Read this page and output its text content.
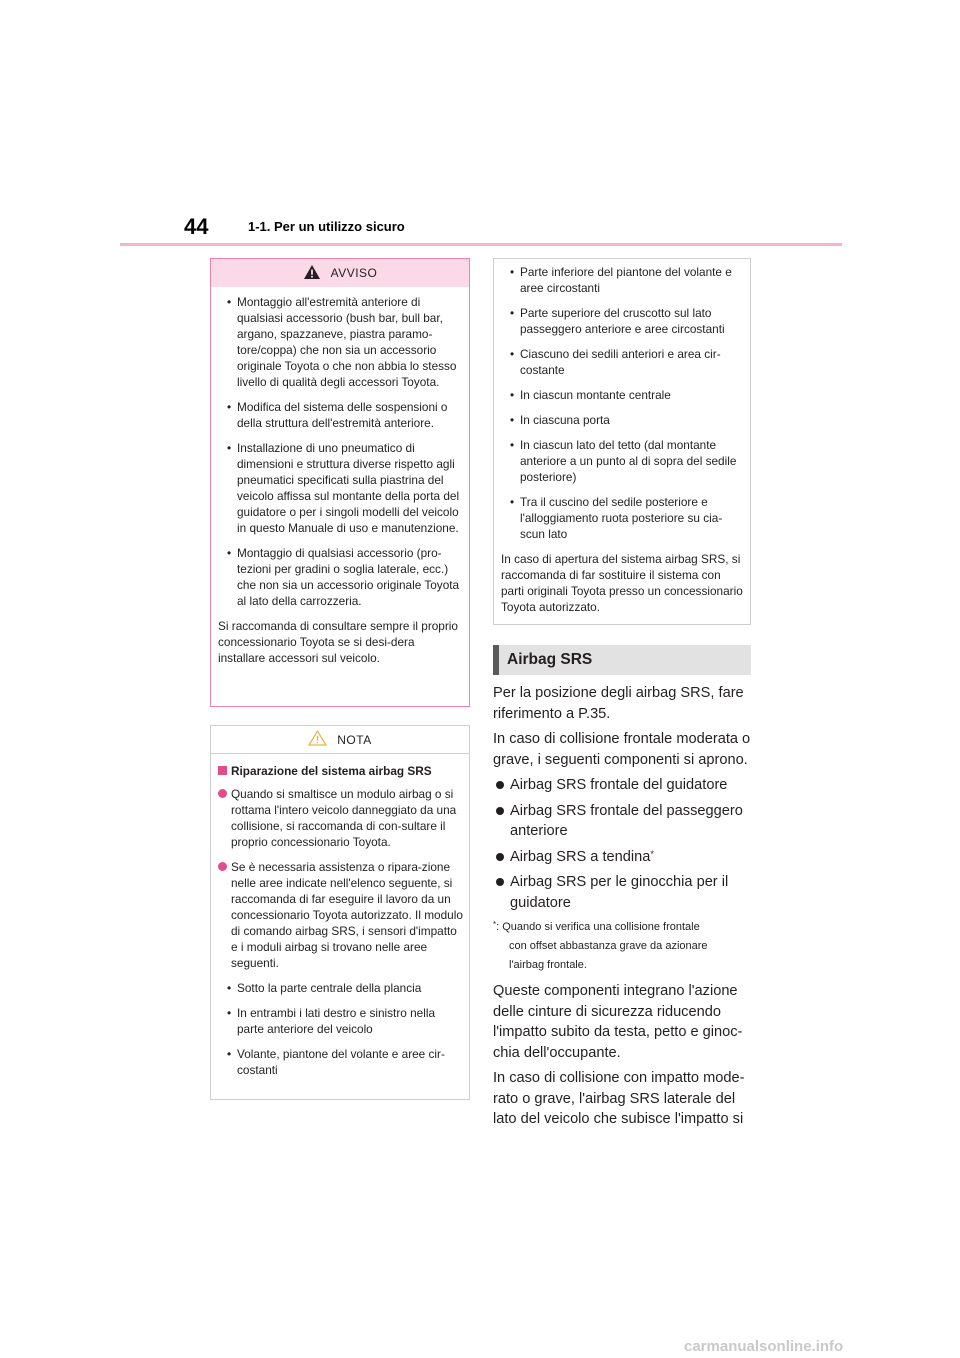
44	1-1. Per un utilizzo sicuro
AVVISO
• Montaggio all'estremità anteriore di qualsiasi accessorio (bush bar, bull bar, argano, spazzaneve, piastra paramo-tore/coppa) che non sia un accessorio originale Toyota o che non abbia lo stesso livello di qualità degli accessori Toyota.
• Modifica del sistema delle sospensioni o della struttura dell'estremità anteriore.
• Installazione di uno pneumatico di dimensioni e struttura diverse rispetto agli pneumatici specificati sulla piastrina del veicolo affissa sul montante della porta del guidatore o per i singoli modelli del veicolo in questo Manuale di uso e manutenzione.
• Montaggio di qualsiasi accessorio (pro-tezioni per gradini o soglia laterale, ecc.) che non sia un accessorio originale Toyota al lato della carrozzeria.
Si raccomanda di consultare sempre il proprio concessionario Toyota se si desi-dera installare accessori sul veicolo.
NOTA
Riparazione del sistema airbag SRS
Quando si smaltisce un modulo airbag o si rottama l'intero veicolo danneggiato da una collisione, si raccomanda di con-sultare il proprio concessionario Toyota.
Se è necessaria assistenza o ripara-zione nelle aree indicate nell'elenco seguente, si raccomanda di far eseguire il lavoro da un concessionario Toyota autorizzato. Il modulo di comando airbag SRS, i sensori d'impatto e i moduli airbag si trovano nelle aree seguenti.
• Sotto la parte centrale della plancia
• In entrambi i lati destro e sinistro nella parte anteriore del veicolo
• Volante, piantone del volante e aree cir-costanti
• Parte inferiore del piantone del volante e aree circostanti
• Parte superiore del cruscotto sul lato passeggero anteriore e aree circostanti
• Ciascuno dei sedili anteriori e area cir-costante
• In ciascun montante centrale
• In ciascuna porta
• In ciascun lato del tetto (dal montante anteriore a un punto al di sopra del sedile posteriore)
• Tra il cuscino del sedile posteriore e l'alloggiamento ruota posteriore su cia-scun lato
In caso di apertura del sistema airbag SRS, si raccomanda di far sostituire il sistema con parti originali Toyota presso un concessionario Toyota autorizzato.
Airbag SRS
Per la posizione degli airbag SRS, fare riferimento a P.35.
In caso di collisione frontale moderata o grave, i seguenti componenti si aprono.
Airbag SRS frontale del guidatore
Airbag SRS frontale del passeggero anteriore
Airbag SRS a tendina*
Airbag SRS per le ginocchia per il guidatore
*: Quando si verifica una collisione frontale
con offset abbastanza grave da azionare
l'airbag frontale.
Queste componenti integrano l'azione delle cinture di sicurezza riducendo l'impatto subito da testa, petto e ginoc-chia dell'occupante.
In caso di collisione con impatto mode-rato o grave, l'airbag SRS laterale del lato del veicolo che subisce l'impatto si
carmanualsonline.info
